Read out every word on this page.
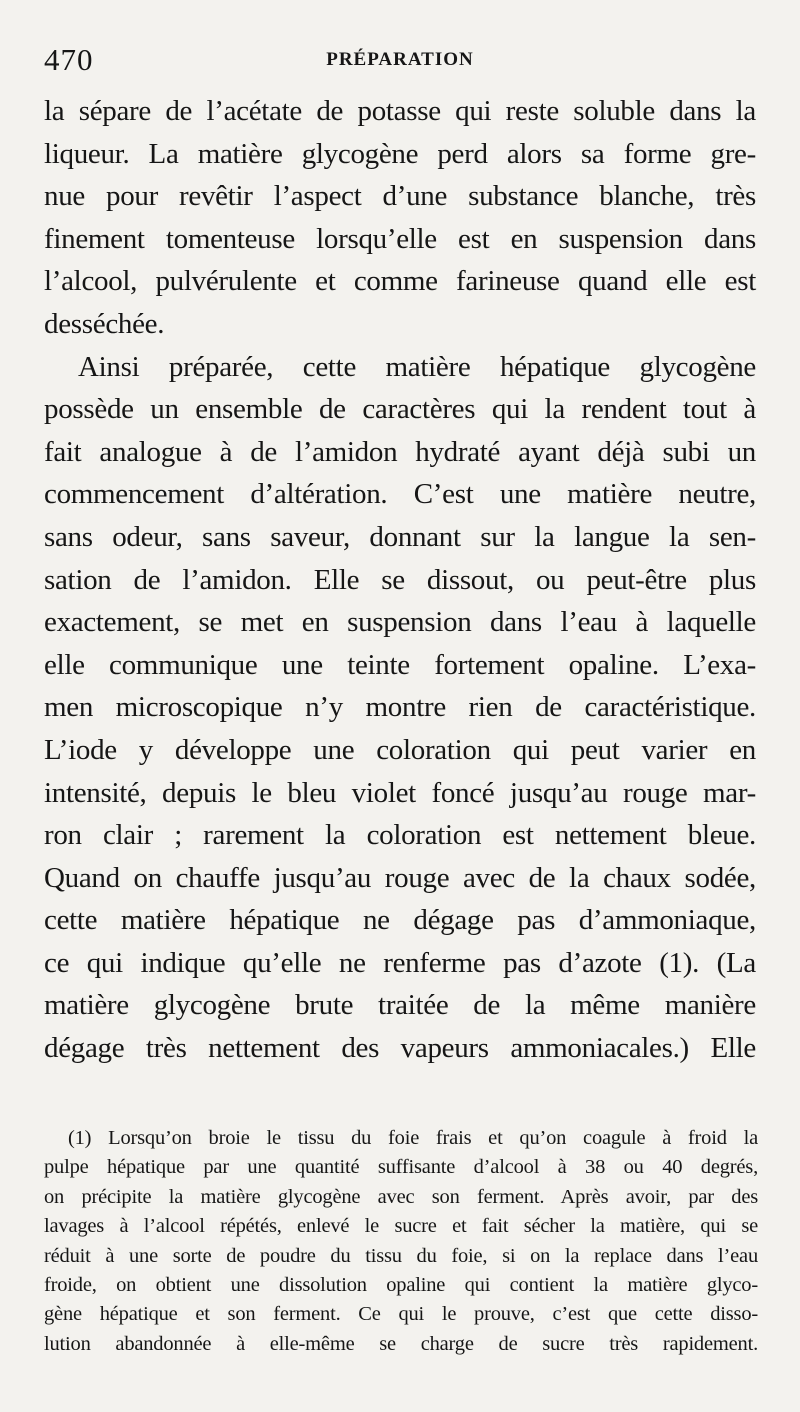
470	PRÉPARATION
la sépare de l’acétate de potasse qui reste soluble dans la
liqueur. La matière glycogène perd alors sa forme gre-
nue pour revêtir l’aspect d’une substance blanche, très
finement tomenteuse lorsqu’elle est en suspension dans
l’alcool, pulvérulente et comme farineuse quand elle est
desséchée.
Ainsi préparée, cette matière hépatique glycogène
possède un ensemble de caractères qui la rendent tout à
fait analogue à de l’amidon hydraté ayant déjà subi un
commencement d’altération. C’est une matière neutre,
sans odeur, sans saveur, donnant sur la langue la sen-
sation de l’amidon. Elle se dissout, ou peut-être plus
exactement, se met en suspension dans l’eau à laquelle
elle communique une teinte fortement opaline. L’exa-
men microscopique n’y montre rien de caractéristique.
L’iode y développe une coloration qui peut varier en
intensité, depuis le bleu violet foncé jusqu’au rouge mar-
ron clair ; rarement la coloration est nettement bleue.
Quand on chauffe jusqu’au rouge avec de la chaux sodée,
cette matière hépatique ne dégage pas d’ammoniaque,
ce qui indique qu’elle ne renferme pas d’azote (1). (La
matière glycogène brute traitée de la même manière
dégage très nettement des vapeurs ammoniacales.) Elle
(1) Lorsqu’on broie le tissu du foie frais et qu’on coagule à froid la
pulpe hépatique par une quantité suffisante d’alcool à 38 ou 40 degrés,
on précipite la matière glycogène avec son ferment. Après avoir, par des
lavages à l’alcool répétés, enlevé le sucre et fait sécher la matière, qui se
réduit à une sorte de poudre du tissu du foie, si on la replace dans l’eau
froide, on obtient une dissolution opaline qui contient la matière glyco-
gène hépatique et son ferment. Ce qui le prouve, c’est que cette disso-
lution abandonnée à elle-même se charge de sucre très rapidement.
